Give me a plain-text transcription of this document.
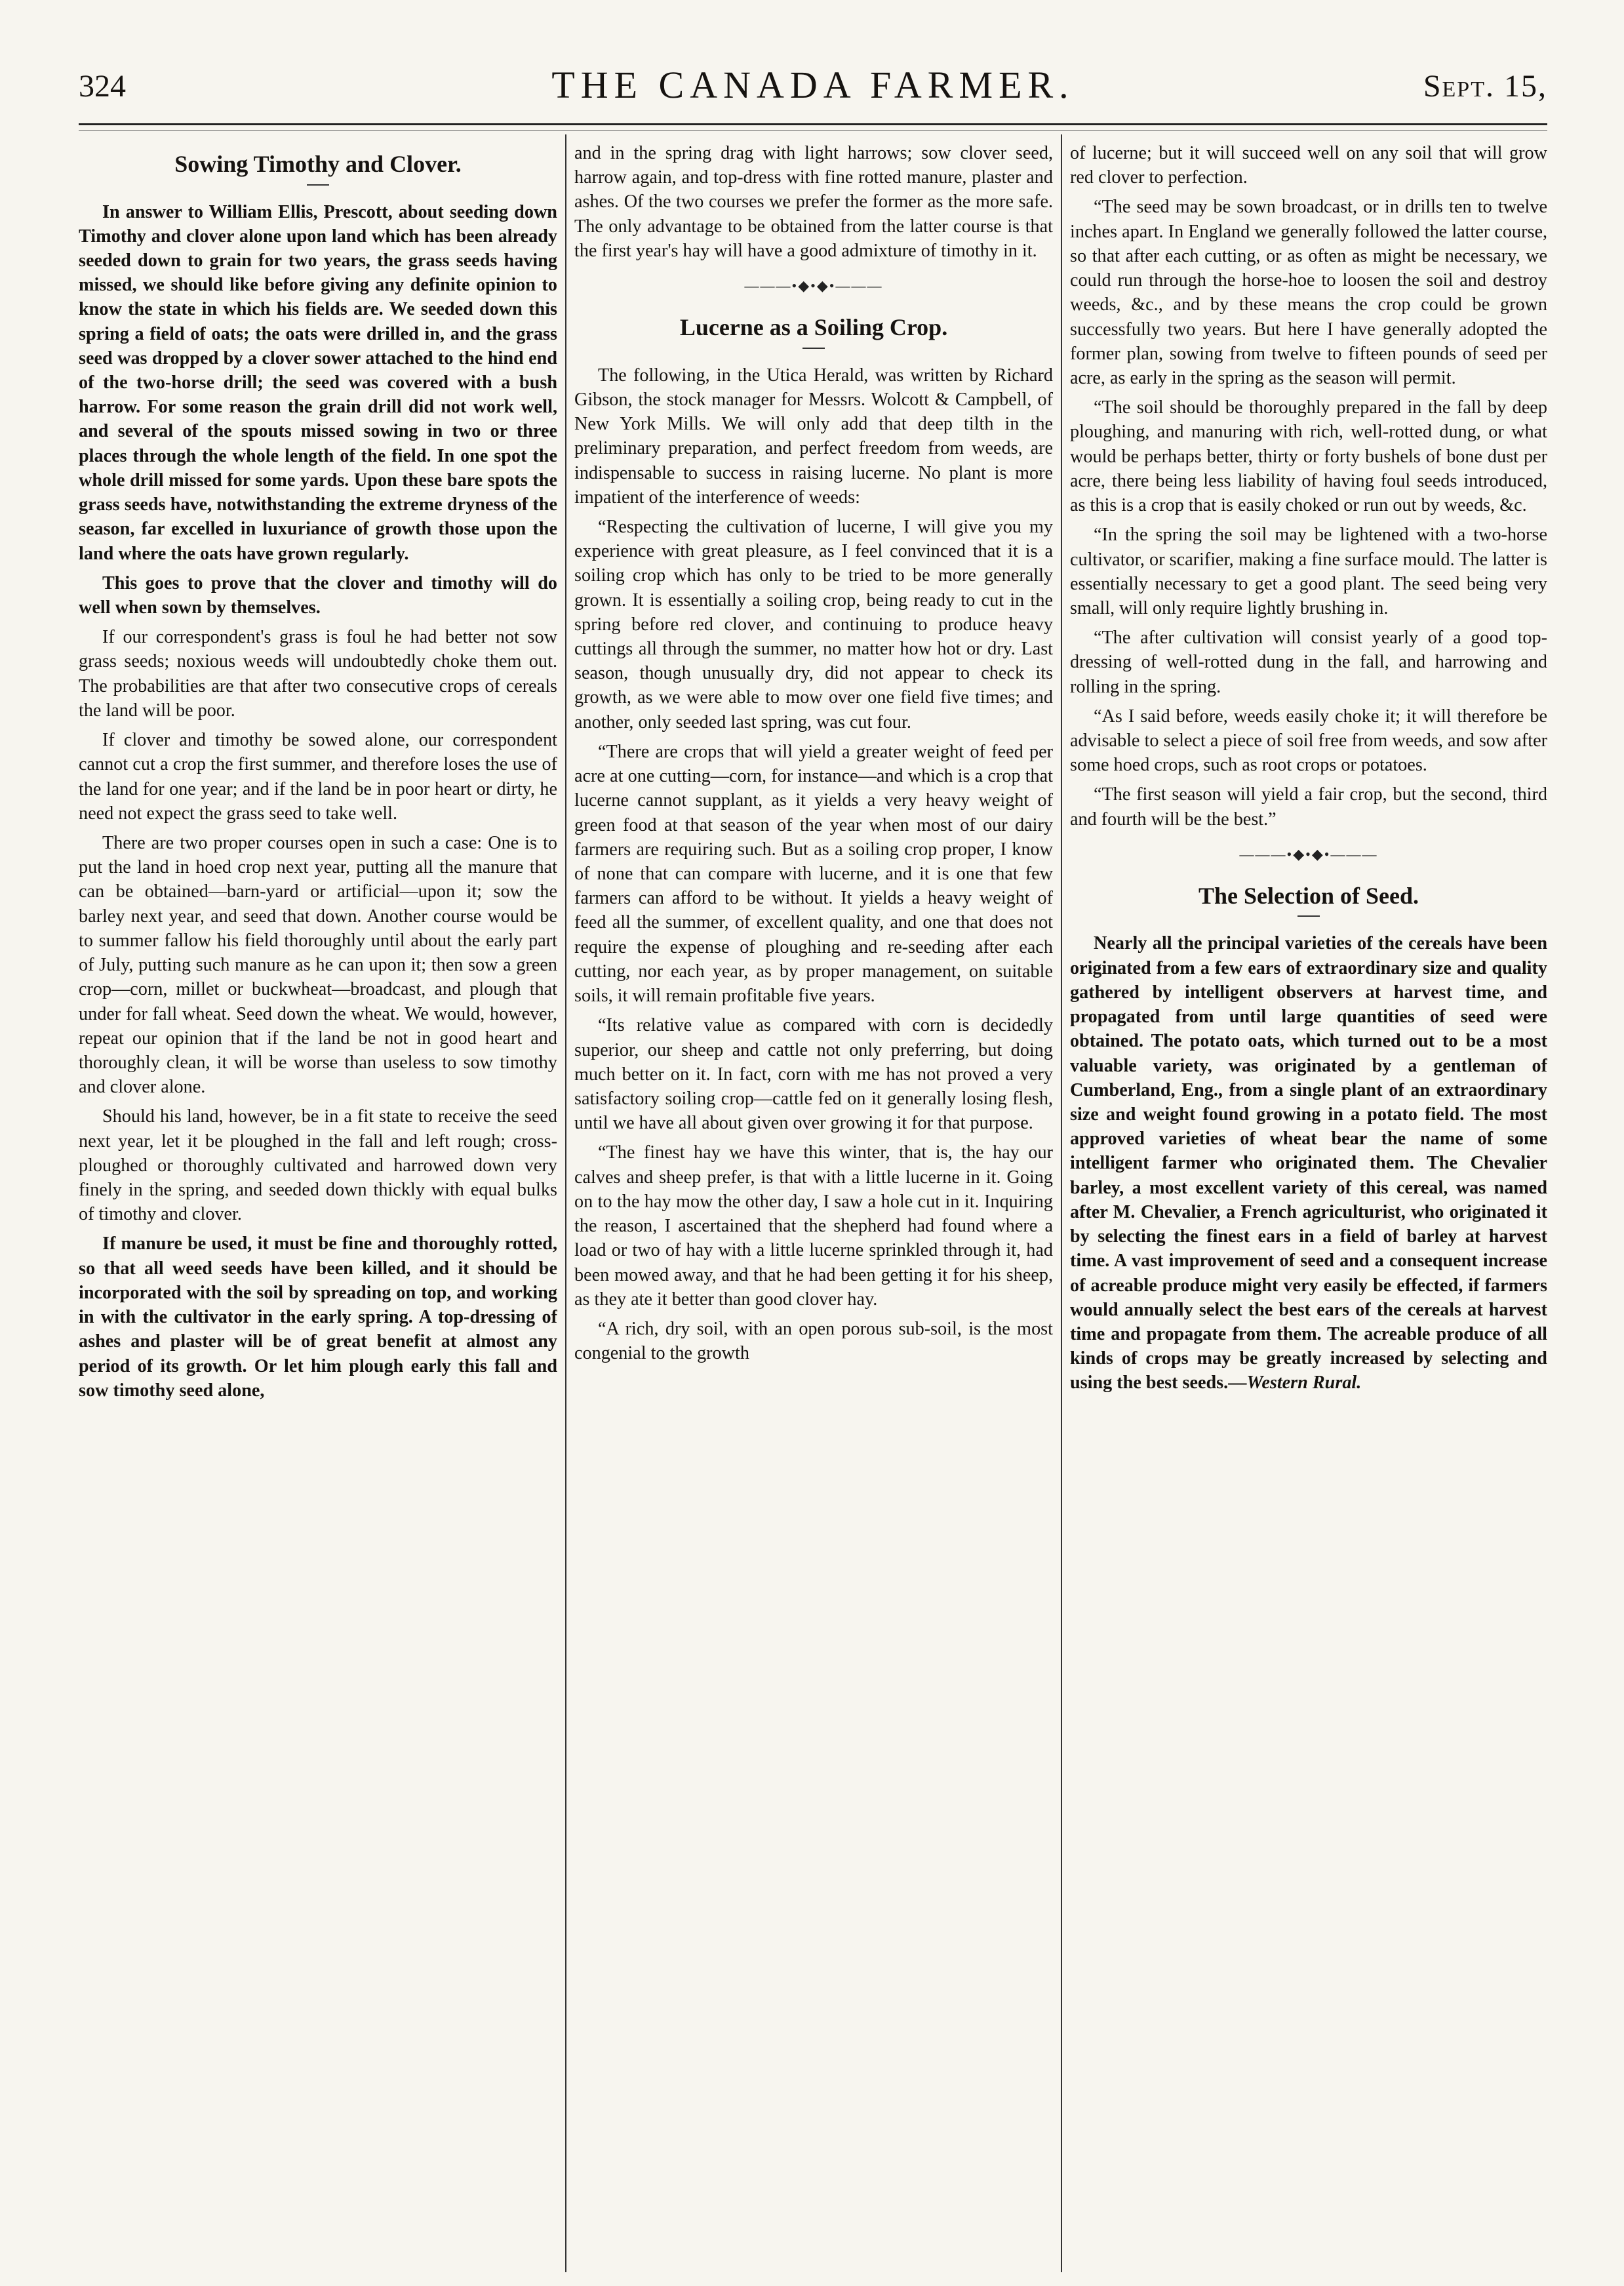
324	THE CANADA FARMER.	Sept. 15,
Sowing Timothy and Clover.

In answer to William Ellis, Prescott, about seeding down Timothy and clover alone upon land which has been already seeded down to grain for two years, the grass seeds having missed, we should like before giving any definite opinion to know the state in which his fields are. We seeded down this spring a field of oats; the oats were drilled in, and the grass seed was dropped by a clover sower attached to the hind end of the two-horse drill; the seed was covered with a bush harrow. For some reason the grain drill did not work well, and several of the spouts missed sowing in two or three places through the whole length of the field. In one spot the whole drill missed for some yards. Upon these bare spots the grass seeds have, notwithstanding the extreme dryness of the season, far excelled in luxuriance of growth those upon the land where the oats have grown regularly.

This goes to prove that the clover and timothy will do well when sown by themselves.

If our correspondent's grass is foul he had better not sow grass seeds; noxious weeds will undoubtedly choke them out. The probabilities are that after two consecutive crops of cereals the land will be poor.

If clover and timothy be sowed alone, our correspondent cannot cut a crop the first summer, and therefore loses the use of the land for one year; and if the land be in poor heart or dirty, he need not expect the grass seed to take well.

There are two proper courses open in such a case: One is to put the land in hoed crop next year, putting all the manure that can be obtained—barn-yard or artificial—upon it; sow the barley next year, and seed that down. Another course would be to summer fallow his field thoroughly until about the early part of July, putting such manure as he can upon it; then sow a green crop—corn, millet or buckwheat—broadcast, and plough that under for fall wheat. Seed down the wheat. We would, however, repeat our opinion that if the land be not in good heart and thoroughly clean, it will be worse than useless to sow timothy and clover alone.

Should his land, however, be in a fit state to receive the seed next year, let it be ploughed in the fall and left rough; cross-ploughed or thoroughly cultivated and harrowed down very finely in the spring, and seeded down thickly with equal bulks of timothy and clover.

If manure be used, it must be fine and thoroughly rotted, so that all weed seeds have been killed, and it should be incorporated with the soil by spreading on top, and working in with the cultivator in the early spring. A top-dressing of ashes and plaster will be of great benefit at almost any period of its growth. Or let him plough early this fall and sow timothy seed alone,

and in the spring drag with light harrows; sow clover seed, harrow again, and top-dress with fine rotted manure, plaster and ashes. Of the two courses we prefer the former as the more safe. The only advantage to be obtained from the latter course is that the first year's hay will have a good admixture of timothy in it.

———•◆•◆•———
Lucerne as a Soiling Crop.

The following, in the Utica Herald, was written by Richard Gibson, the stock manager for Messrs. Wolcott & Campbell, of New York Mills. We will only add that deep tilth in the preliminary preparation, and perfect freedom from weeds, are indispensable to success in raising lucerne. No plant is more impatient of the interference of weeds:

“Respecting the cultivation of lucerne, I will give you my experience with great pleasure, as I feel convinced that it is a soiling crop which has only to be tried to be more generally grown. It is essentially a soiling crop, being ready to cut in the spring before red clover, and continuing to produce heavy cuttings all through the summer, no matter how hot or dry. Last season, though unusually dry, did not appear to check its growth, as we were able to mow over one field five times; and another, only seeded last spring, was cut four.

“There are crops that will yield a greater weight of feed per acre at one cutting—corn, for instance—and which is a crop that lucerne cannot supplant, as it yields a very heavy weight of green food at that season of the year when most of our dairy farmers are requiring such. But as a soiling crop proper, I know of none that can compare with lucerne, and it is one that few farmers can afford to be without. It yields a heavy weight of feed all the summer, of excellent quality, and one that does not require the expense of ploughing and re-seeding after each cutting, nor each year, as by proper management, on suitable soils, it will remain profitable five years.

“Its relative value as compared with corn is decidedly superior, our sheep and cattle not only preferring, but doing much better on it. In fact, corn with me has not proved a very satisfactory soiling crop—cattle fed on it generally losing flesh, until we have all about given over growing it for that purpose.

“The finest hay we have this winter, that is, the hay our calves and sheep prefer, is that with a little lucerne in it. Going on to the hay mow the other day, I saw a hole cut in it. Inquiring the reason, I ascertained that the shepherd had found where a load or two of hay with a little lucerne sprinkled through it, had been mowed away, and that he had been getting it for his sheep, as they ate it better than good clover hay.

“A rich, dry soil, with an open porous sub-soil, is the most congenial to the growth

of lucerne; but it will succeed well on any soil that will grow red clover to perfection.

“The seed may be sown broadcast, or in drills ten to twelve inches apart. In England we generally followed the latter course, so that after each cutting, or as often as might be necessary, we could run through the horse-hoe to loosen the soil and destroy weeds, &c., and by these means the crop could be grown successfully two years. But here I have generally adopted the former plan, sowing from twelve to fifteen pounds of seed per acre, as early in the spring as the season will permit.

“The soil should be thoroughly prepared in the fall by deep ploughing, and manuring with rich, well-rotted dung, or what would be perhaps better, thirty or forty bushels of bone dust per acre, there being less liability of having foul seeds introduced, as this is a crop that is easily choked or run out by weeds, &c.

“In the spring the soil may be lightened with a two-horse cultivator, or scarifier, making a fine surface mould. The latter is essentially necessary to get a good plant. The seed being very small, will only require lightly brushing in.

“The after cultivation will consist yearly of a good top-dressing of well-rotted dung in the fall, and harrowing and rolling in the spring.

“As I said before, weeds easily choke it; it will therefore be advisable to select a piece of soil free from weeds, and sow after some hoed crops, such as root crops or potatoes.

“The first season will yield a fair crop, but the second, third and fourth will be the best.”

———•◆•◆•———
The Selection of Seed.

Nearly all the principal varieties of the cereals have been originated from a few ears of extraordinary size and quality gathered by intelligent observers at harvest time, and propagated from until large quantities of seed were obtained. The potato oats, which turned out to be a most valuable variety, was originated by a gentleman of Cumberland, Eng., from a single plant of an extraordinary size and weight found growing in a potato field. The most approved varieties of wheat bear the name of some intelligent farmer who originated them. The Chevalier barley, a most excellent variety of this cereal, was named after M. Chevalier, a French agriculturist, who originated it by selecting the finest ears in a field of barley at harvest time. A vast improvement of seed and a consequent increase of acreable produce might very easily be effected, if farmers would annually select the best ears of the cereals at harvest time and propagate from them. The acreable produce of all kinds of crops may be greatly increased by selecting and using the best seeds.—Western Rural.
